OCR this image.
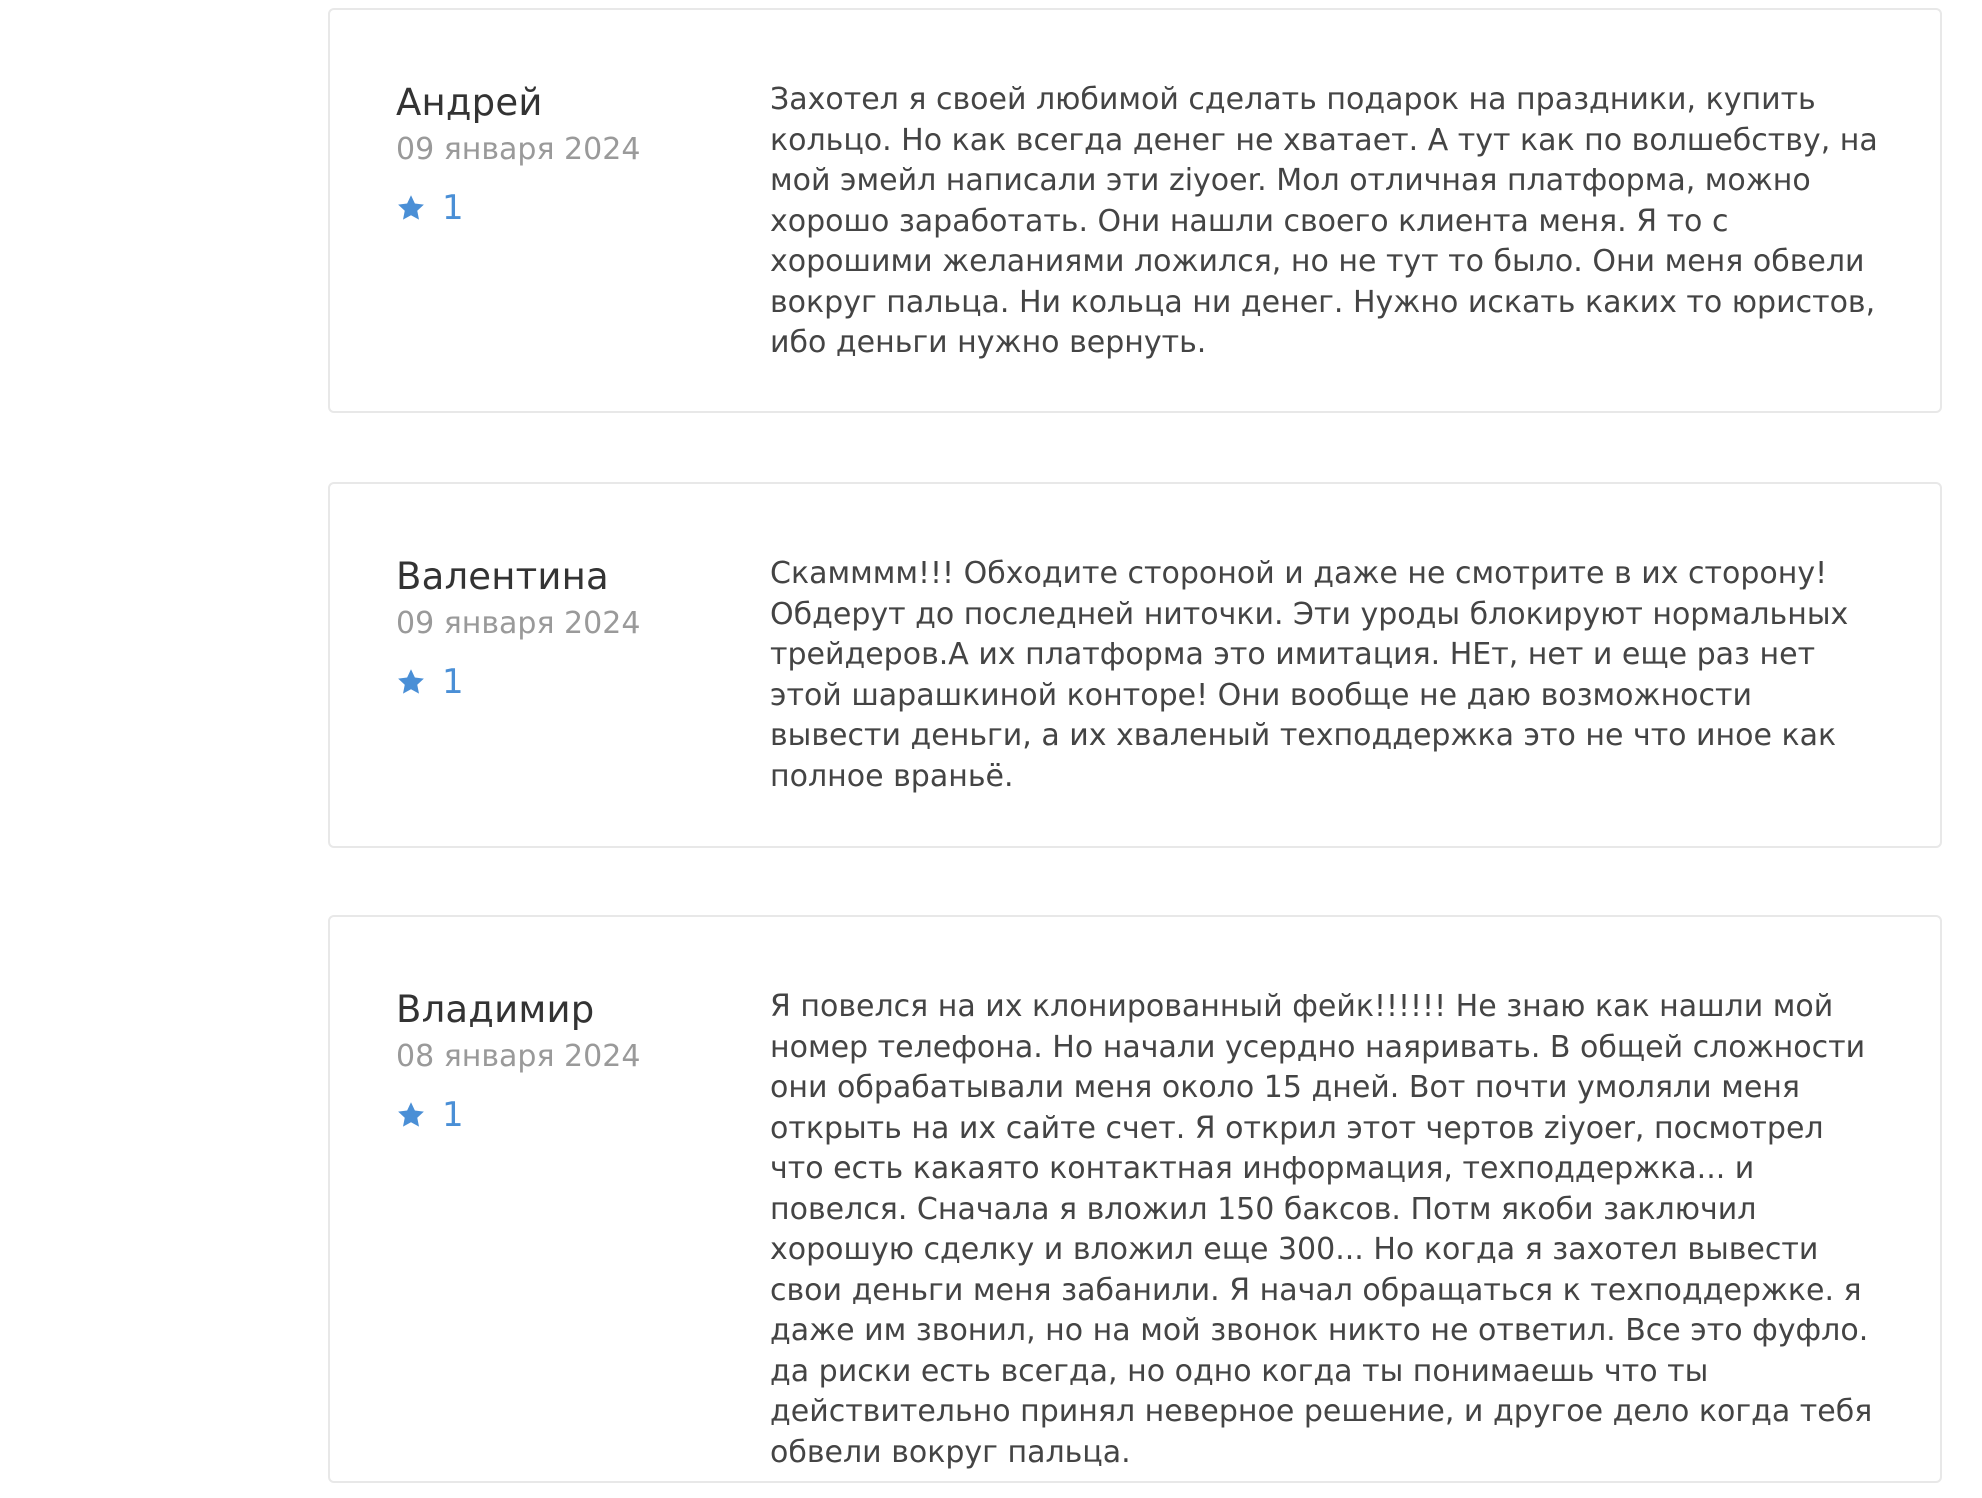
Андрей
09 января 2024
1

Захотел я своей любимой сделать подарок на праздники, купить кольцо. Но как всегда денег не хватает. А тут как по волшебству, на мой эмейл написали эти ziyoer. Мол отличная платформа, можно хорошо заработать. Они нашли своего клиента меня. Я то с хорошими желаниями ложился, но не тут то было. Они меня обвели вокруг пальца. Ни кольца ни денег. Нужно искать каких то юристов, ибо деньги нужно вернуть.

Валентина
09 января 2024
1

Скамммм!!! Обходите стороной и даже не смотрите в их сторону! Обдерут до последней ниточки. Эти уроды блокируют нормальных трейдеров.А их платформа это имитация. НЕт, нет и еще раз нет этой шарашкиной конторе! Они вообще не даю возможности вывести деньги, а их хваленый техподдержка это не что иное как полное враньё.

Владимир
08 января 2024
1

Я повелся на их клонированный фейк!!!!!! Не знаю как нашли мой номер телефона. Но начали усердно наяривать. В общей сложности они обрабатывали меня около 15 дней. Вот почти умоляли меня открыть на их сайте счет. Я открил этот чертов ziyoer, посмотрел что есть какаято контактная информация, техподдержка... и повелся. Сначала я вложил 150 баксов. Потм якоби заключил хорошую сделку и вложил еще 300... Но когда я захотел вывести свои деньги меня забанили. Я начал обращаться к техподдержке. я даже им звонил, но на мой звонок никто не ответил. Все это фуфло. да риски есть всегда, но одно когда ты понимаешь что ты действительно принял неверное решение, и другое дело когда тебя обвели вокруг пальца.
